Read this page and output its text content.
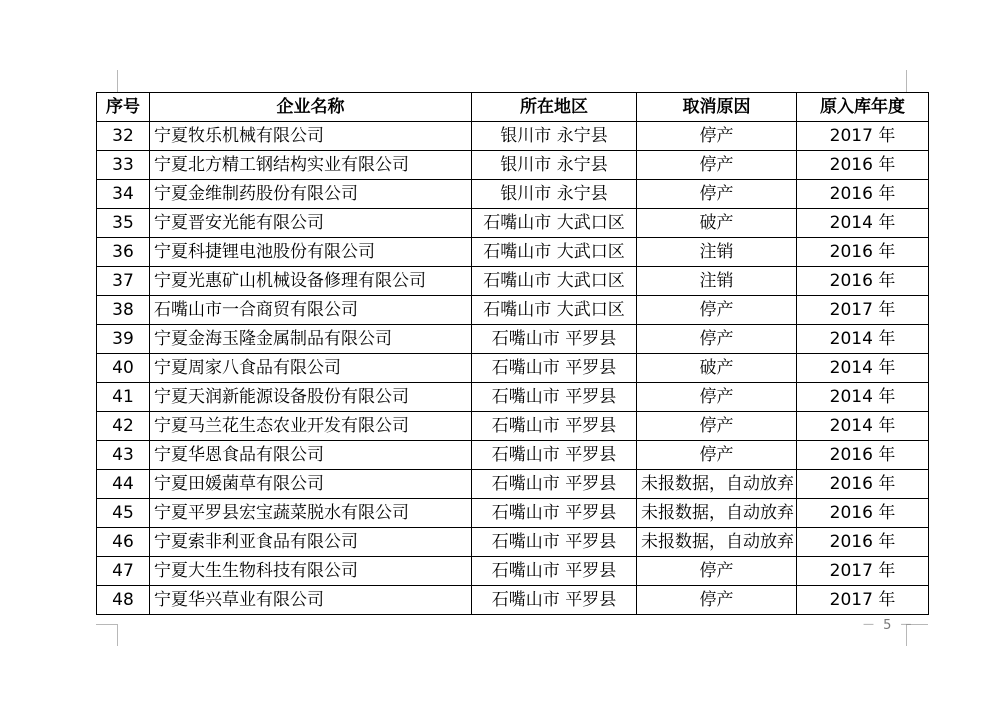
序号	企业名称	所在地区	取消原因	原入库年度
32	宁夏牧乐机械有限公司	银川市 永宁县	停产	2017 年
33	宁夏北方精工钢结构实业有限公司	银川市 永宁县	停产	2016 年
34	宁夏金维制药股份有限公司	银川市 永宁县	停产	2016 年
35	宁夏晋安光能有限公司	石嘴山市 大武口区	破产	2014 年
36	宁夏科捷锂电池股份有限公司	石嘴山市 大武口区	注销	2016 年
37	宁夏光惠矿山机械设备修理有限公司	石嘴山市 大武口区	注销	2016 年
38	石嘴山市一合商贸有限公司	石嘴山市 大武口区	停产	2017 年
39	宁夏金海玉隆金属制品有限公司	石嘴山市 平罗县	停产	2014 年
40	宁夏周家八食品有限公司	石嘴山市 平罗县	破产	2014 年
41	宁夏天润新能源设备股份有限公司	石嘴山市 平罗县	停产	2014 年
42	宁夏马兰花生态农业开发有限公司	石嘴山市 平罗县	停产	2014 年
43	宁夏华恩食品有限公司	石嘴山市 平罗县	停产	2016 年
44	宁夏田媛菌草有限公司	石嘴山市 平罗县	未报数据，自动放弃	2016 年
45	宁夏平罗县宏宝蔬菜脱水有限公司	石嘴山市 平罗县	未报数据，自动放弃	2016 年
46	宁夏索非利亚食品有限公司	石嘴山市 平罗县	未报数据，自动放弃	2016 年
47	宁夏大生生物科技有限公司	石嘴山市 平罗县	停产	2017 年
48	宁夏华兴草业有限公司	石嘴山市 平罗县	停产	2017 年
－ 5 －
